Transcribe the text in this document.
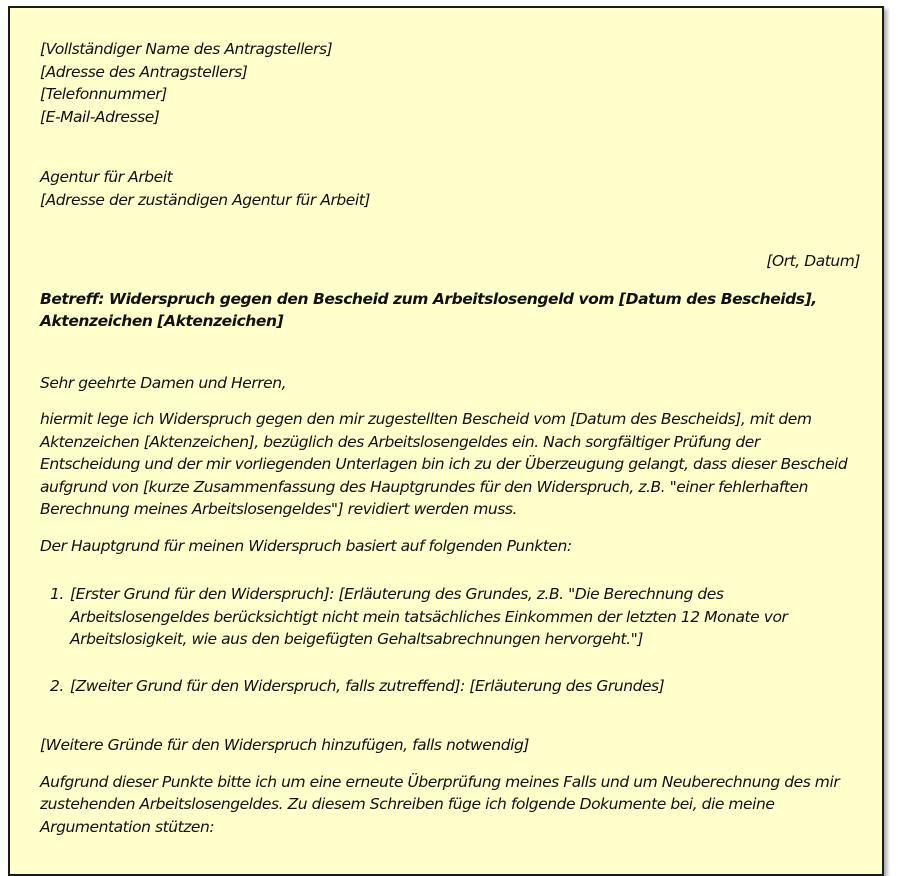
[Vollständiger Name des Antragstellers]
[Adresse des Antragstellers]
[Telefonnummer]
[E-Mail-Adresse]
Agentur für Arbeit
[Adresse der zuständigen Agentur für Arbeit]
[Ort, Datum]
Betreff: Widerspruch gegen den Bescheid zum Arbeitslosengeld vom [Datum des Bescheids],
Aktenzeichen [Aktenzeichen]
Sehr geehrte Damen und Herren,
hiermit lege ich Widerspruch gegen den mir zugestellten Bescheid vom [Datum des Bescheids], mit dem
Aktenzeichen [Aktenzeichen], bezüglich des Arbeitslosengeldes ein. Nach sorgfältiger Prüfung der
Entscheidung und der mir vorliegenden Unterlagen bin ich zu der Überzeugung gelangt, dass dieser Bescheid
aufgrund von [kurze Zusammenfassung des Hauptgrundes für den Widerspruch, z.B. "einer fehlerhaften
Berechnung meines Arbeitslosengeldes"] revidiert werden muss.
Der Hauptgrund für meinen Widerspruch basiert auf folgenden Punkten:
1. [Erster Grund für den Widerspruch]: [Erläuterung des Grundes, z.B. "Die Berechnung des
Arbeitslosengeldes berücksichtigt nicht mein tatsächliches Einkommen der letzten 12 Monate vor
Arbeitslosigkeit, wie aus den beigefügten Gehaltsabrechnungen hervorgeht."]
2. [Zweiter Grund für den Widerspruch, falls zutreffend]: [Erläuterung des Grundes]
[Weitere Gründe für den Widerspruch hinzufügen, falls notwendig]
Aufgrund dieser Punkte bitte ich um eine erneute Überprüfung meines Falls und um Neuberechnung des mir
zustehenden Arbeitslosengeldes. Zu diesem Schreiben füge ich folgende Dokumente bei, die meine
Argumentation stützen:
